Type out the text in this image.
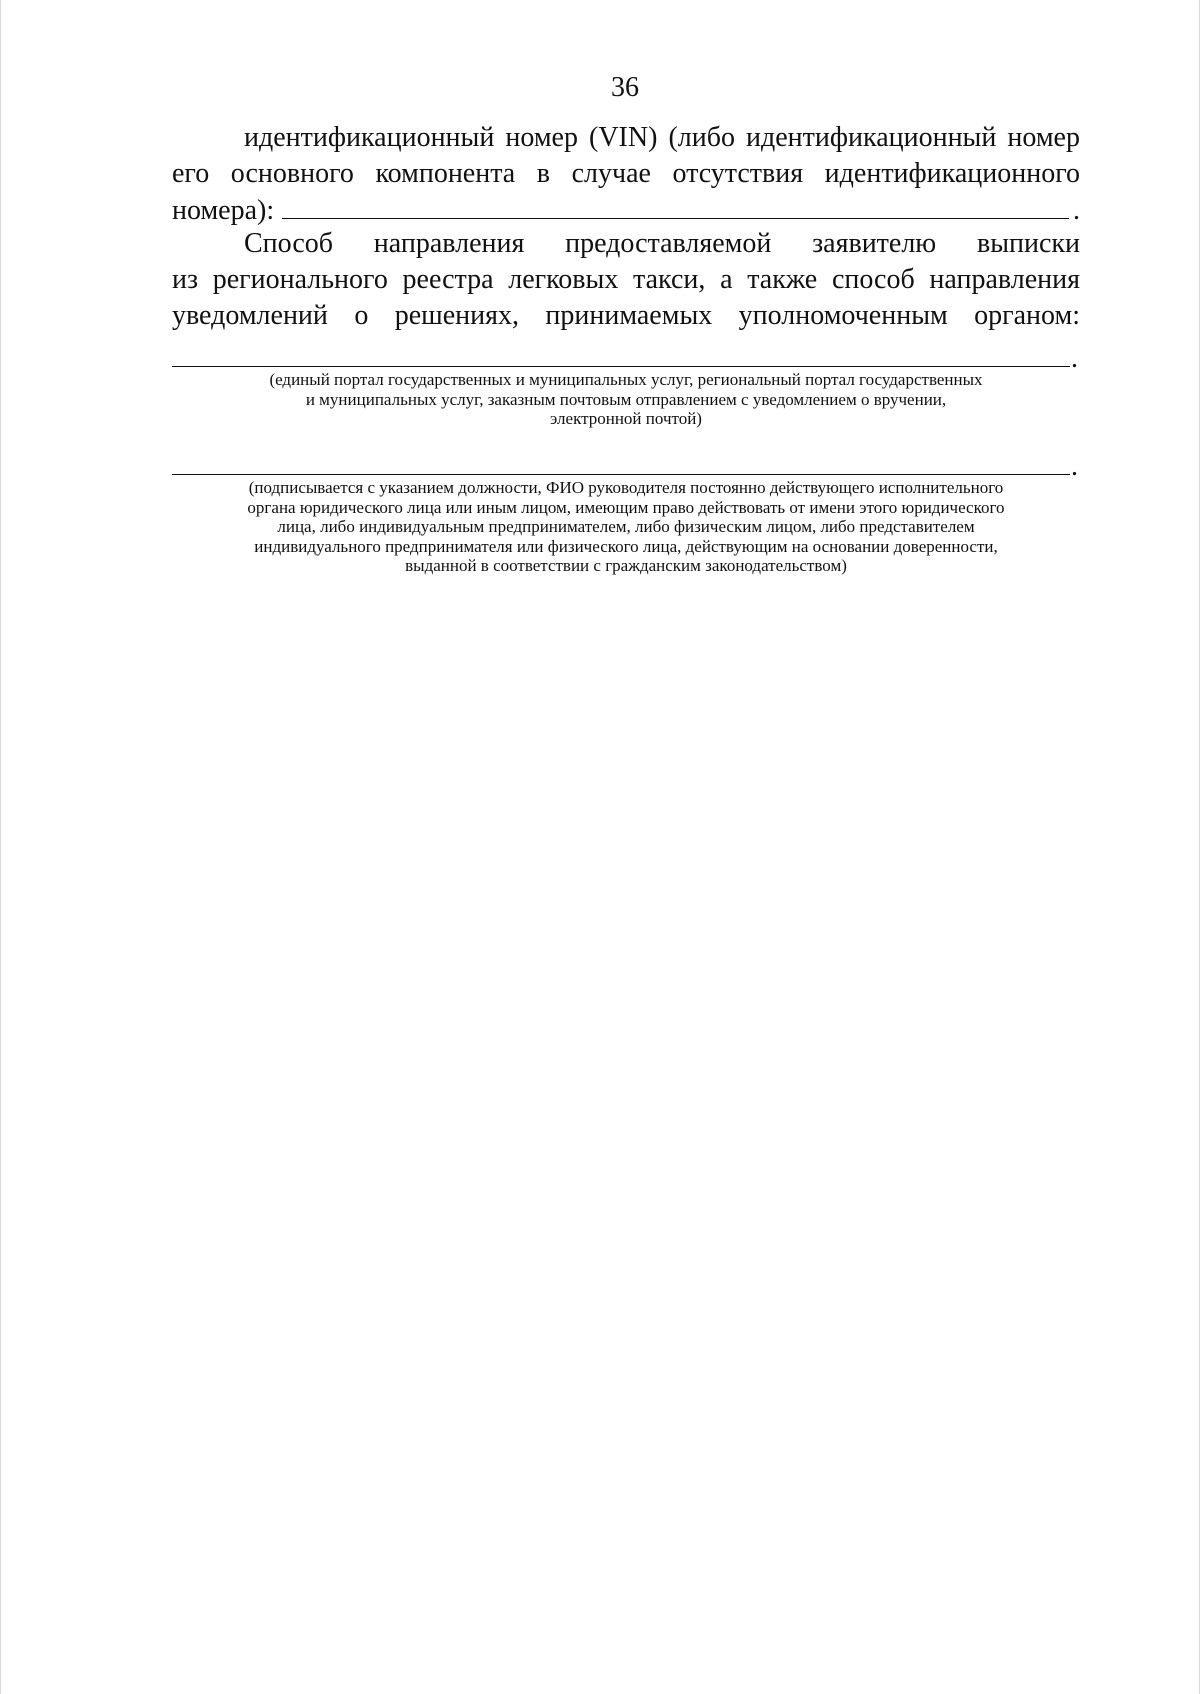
36
идентификационный номер (VIN) (либо идентификационный номер
его основного компонента в случае отсутствия идентификационного
номера):	.
Способ направления предоставляемой заявителю выписки
из регионального реестра легковых такси, а также способ направления
уведомлений о решениях, принимаемых уполномоченным органом:
.
(единый портал государственных и муниципальных услуг, региональный портал государственных
и муниципальных услуг, заказным почтовым отправлением с уведомлением о вручении,
электронной почтой)
.
(подписывается с указанием должности, ФИО руководителя постоянно действующего исполнительного
органа юридического лица или иным лицом, имеющим право действовать от имени этого юридического
лица, либо индивидуальным предпринимателем, либо физическим лицом, либо представителем
индивидуального предпринимателя или физического лица, действующим на основании доверенности,
выданной в соответствии с гражданским законодательством)
